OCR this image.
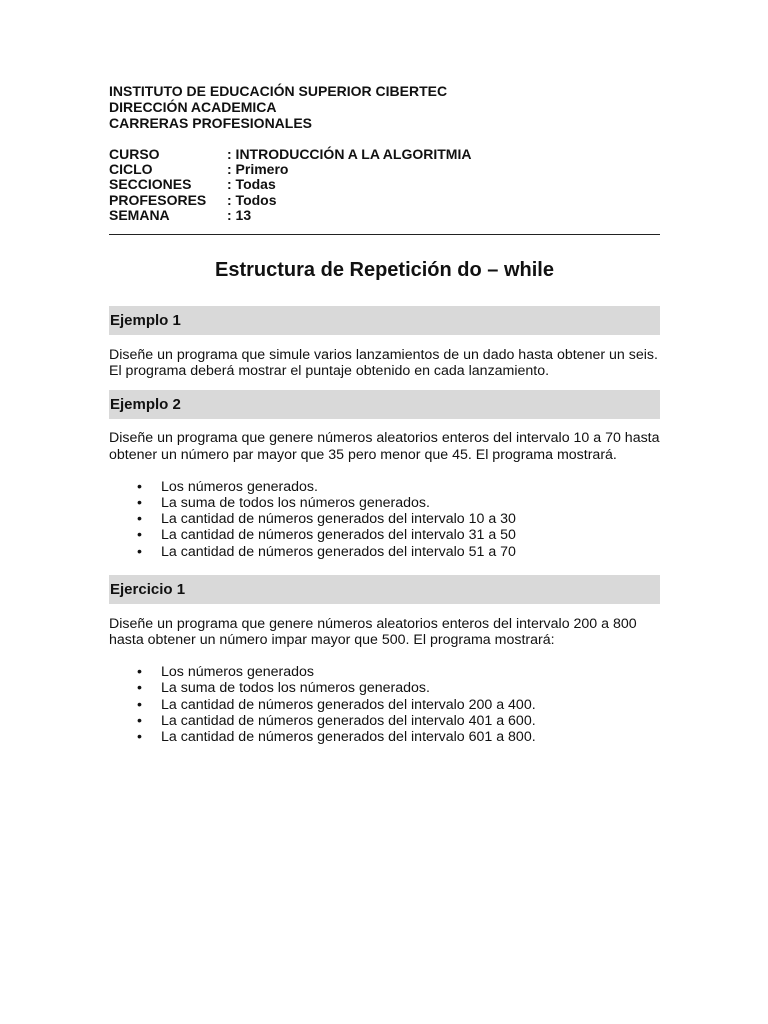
INSTITUTO DE EDUCACIÓN SUPERIOR CIBERTEC
DIRECCIÓN ACADEMICA
CARRERAS PROFESIONALES
CURSO	: INTRODUCCIÓN A LA ALGORITMIA
CICLO	: Primero
SECCIONES	: Todas
PROFESORES	: Todos
SEMANA	: 13
Estructura de Repetición do – while
Ejemplo 1
Diseñe un programa que simule varios lanzamientos de un dado hasta obtener un seis.
El programa deberá mostrar el puntaje obtenido en cada lanzamiento.
Ejemplo 2
Diseñe un programa que genere números aleatorios enteros del intervalo 10 a 70 hasta
obtener un número par mayor que 35 pero menor que 45. El programa mostrará.
• Los números generados.
• La suma de todos los números generados.
• La cantidad de números generados del intervalo 10 a 30
• La cantidad de números generados del intervalo 31 a 50
• La cantidad de números generados del intervalo 51 a 70
Ejercicio 1
Diseñe un programa que genere números aleatorios enteros del intervalo 200 a 800
hasta obtener un número impar mayor que 500. El programa mostrará:
• Los números generados
• La suma de todos los números generados.
• La cantidad de números generados del intervalo 200 a 400.
• La cantidad de números generados del intervalo 401 a 600.
• La cantidad de números generados del intervalo 601 a 800.
